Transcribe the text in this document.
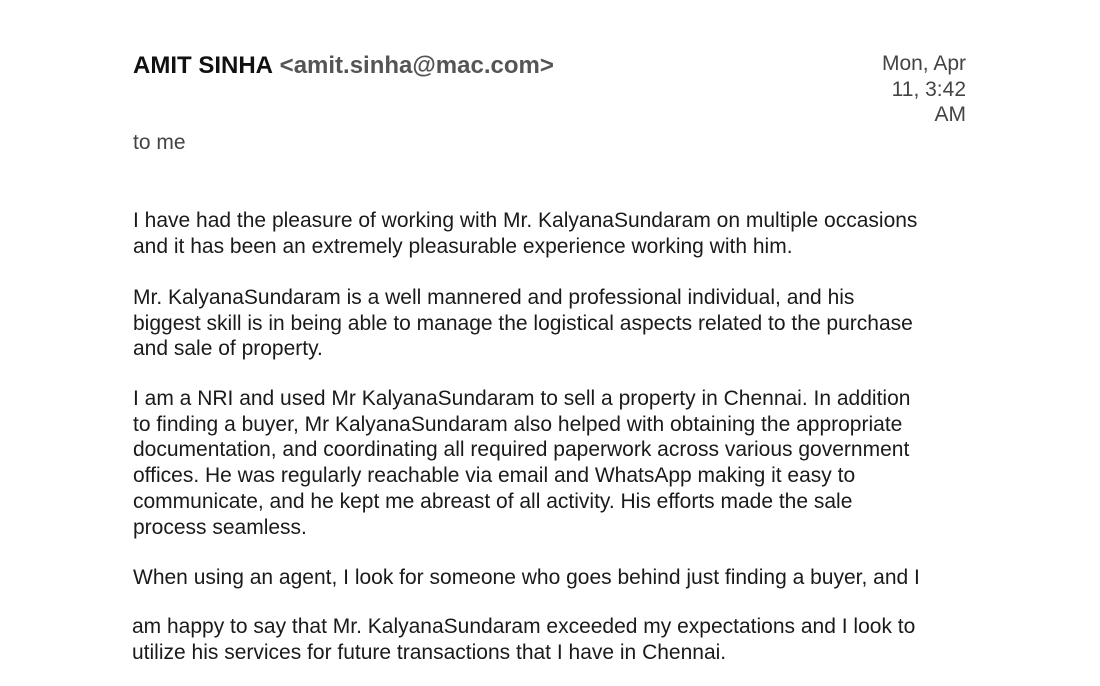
AMIT SINHA <amit.sinha@mac.com>	Mon, Apr
11, 3:42
AM
to me

I have had the pleasure of working with Mr. KalyanaSundaram on multiple occasions
and it has been an extremely pleasurable experience working with him.

Mr. KalyanaSundaram is a well mannered and professional individual, and his
biggest skill is in being able to manage the logistical aspects related to the purchase
and sale of property.

I am a NRI and used Mr KalyanaSundaram to sell a property in Chennai. In addition
to finding a buyer, Mr KalyanaSundaram also helped with obtaining the appropriate
documentation, and coordinating all required paperwork across various government
offices. He was regularly reachable via email and WhatsApp making it easy to
communicate, and he kept me abreast of all activity. His efforts made the sale
process seamless.

When using an agent, I look for someone who goes behind just finding a buyer, and I

am happy to say that Mr. KalyanaSundaram exceeded my expectations and I look to
utilize his services for future transactions that I have in Chennai.
